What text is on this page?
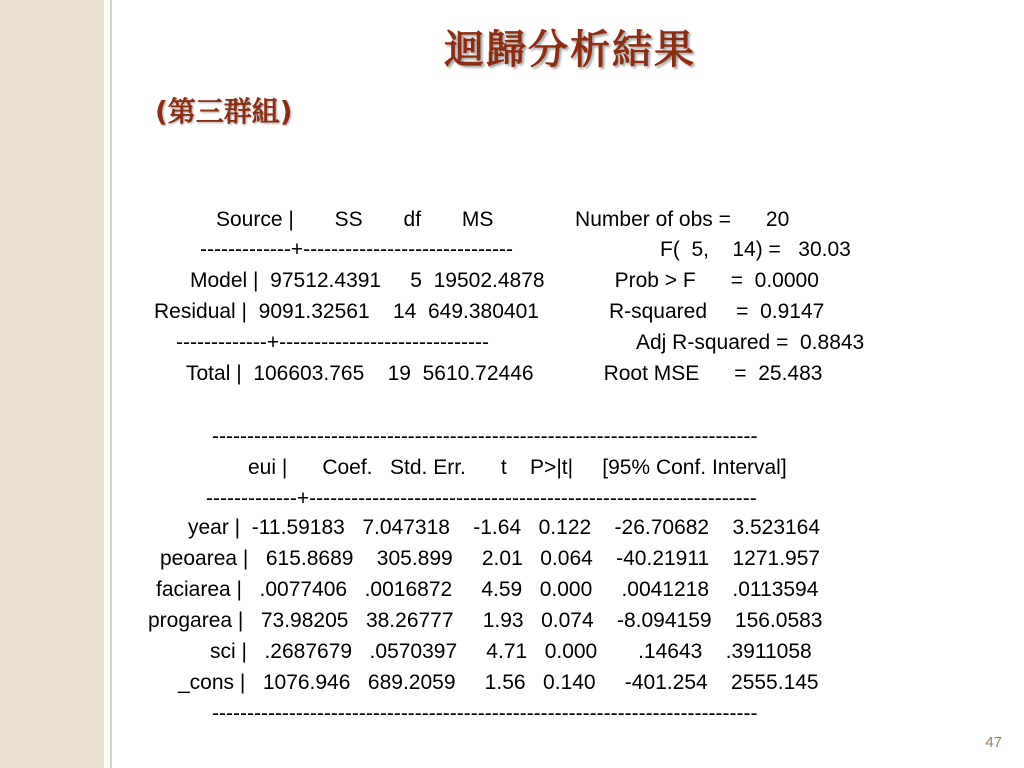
迴歸分析結果
(第三群組)
Source |       SS       df       MS              Number of obs =      20
-------------+------------------------------	F(  5,    14) =   30.03
Model |  97512.4391     5  19502.4878            Prob > F      =  0.0000
Residual |  9091.32561    14  649.380401            R-squared     =  0.9147
-------------+------------------------------	Adj R-squared =  0.8843
Total |  106603.765    19  5610.72446            Root MSE      =  25.483
------------------------------------------------------------------------------
eui |      Coef.   Std. Err.      t    P>|t|     [95% Conf. Interval]
-------------+----------------------------------------------------------------
year |  -11.59183   7.047318    -1.64   0.122    -26.70682    3.523164
peoarea |   615.8689    305.899     2.01   0.064    -40.21911    1271.957
faciarea |   .0077406   .0016872     4.59   0.000     .0041218    .0113594
progarea |   73.98205   38.26777     1.93   0.074    -8.094159    156.0583
sci |   .2687679   .0570397     4.71   0.000       .14643    .3911058
_cons |   1076.946   689.2059     1.56   0.140     -401.254    2555.145
------------------------------------------------------------------------------
47
